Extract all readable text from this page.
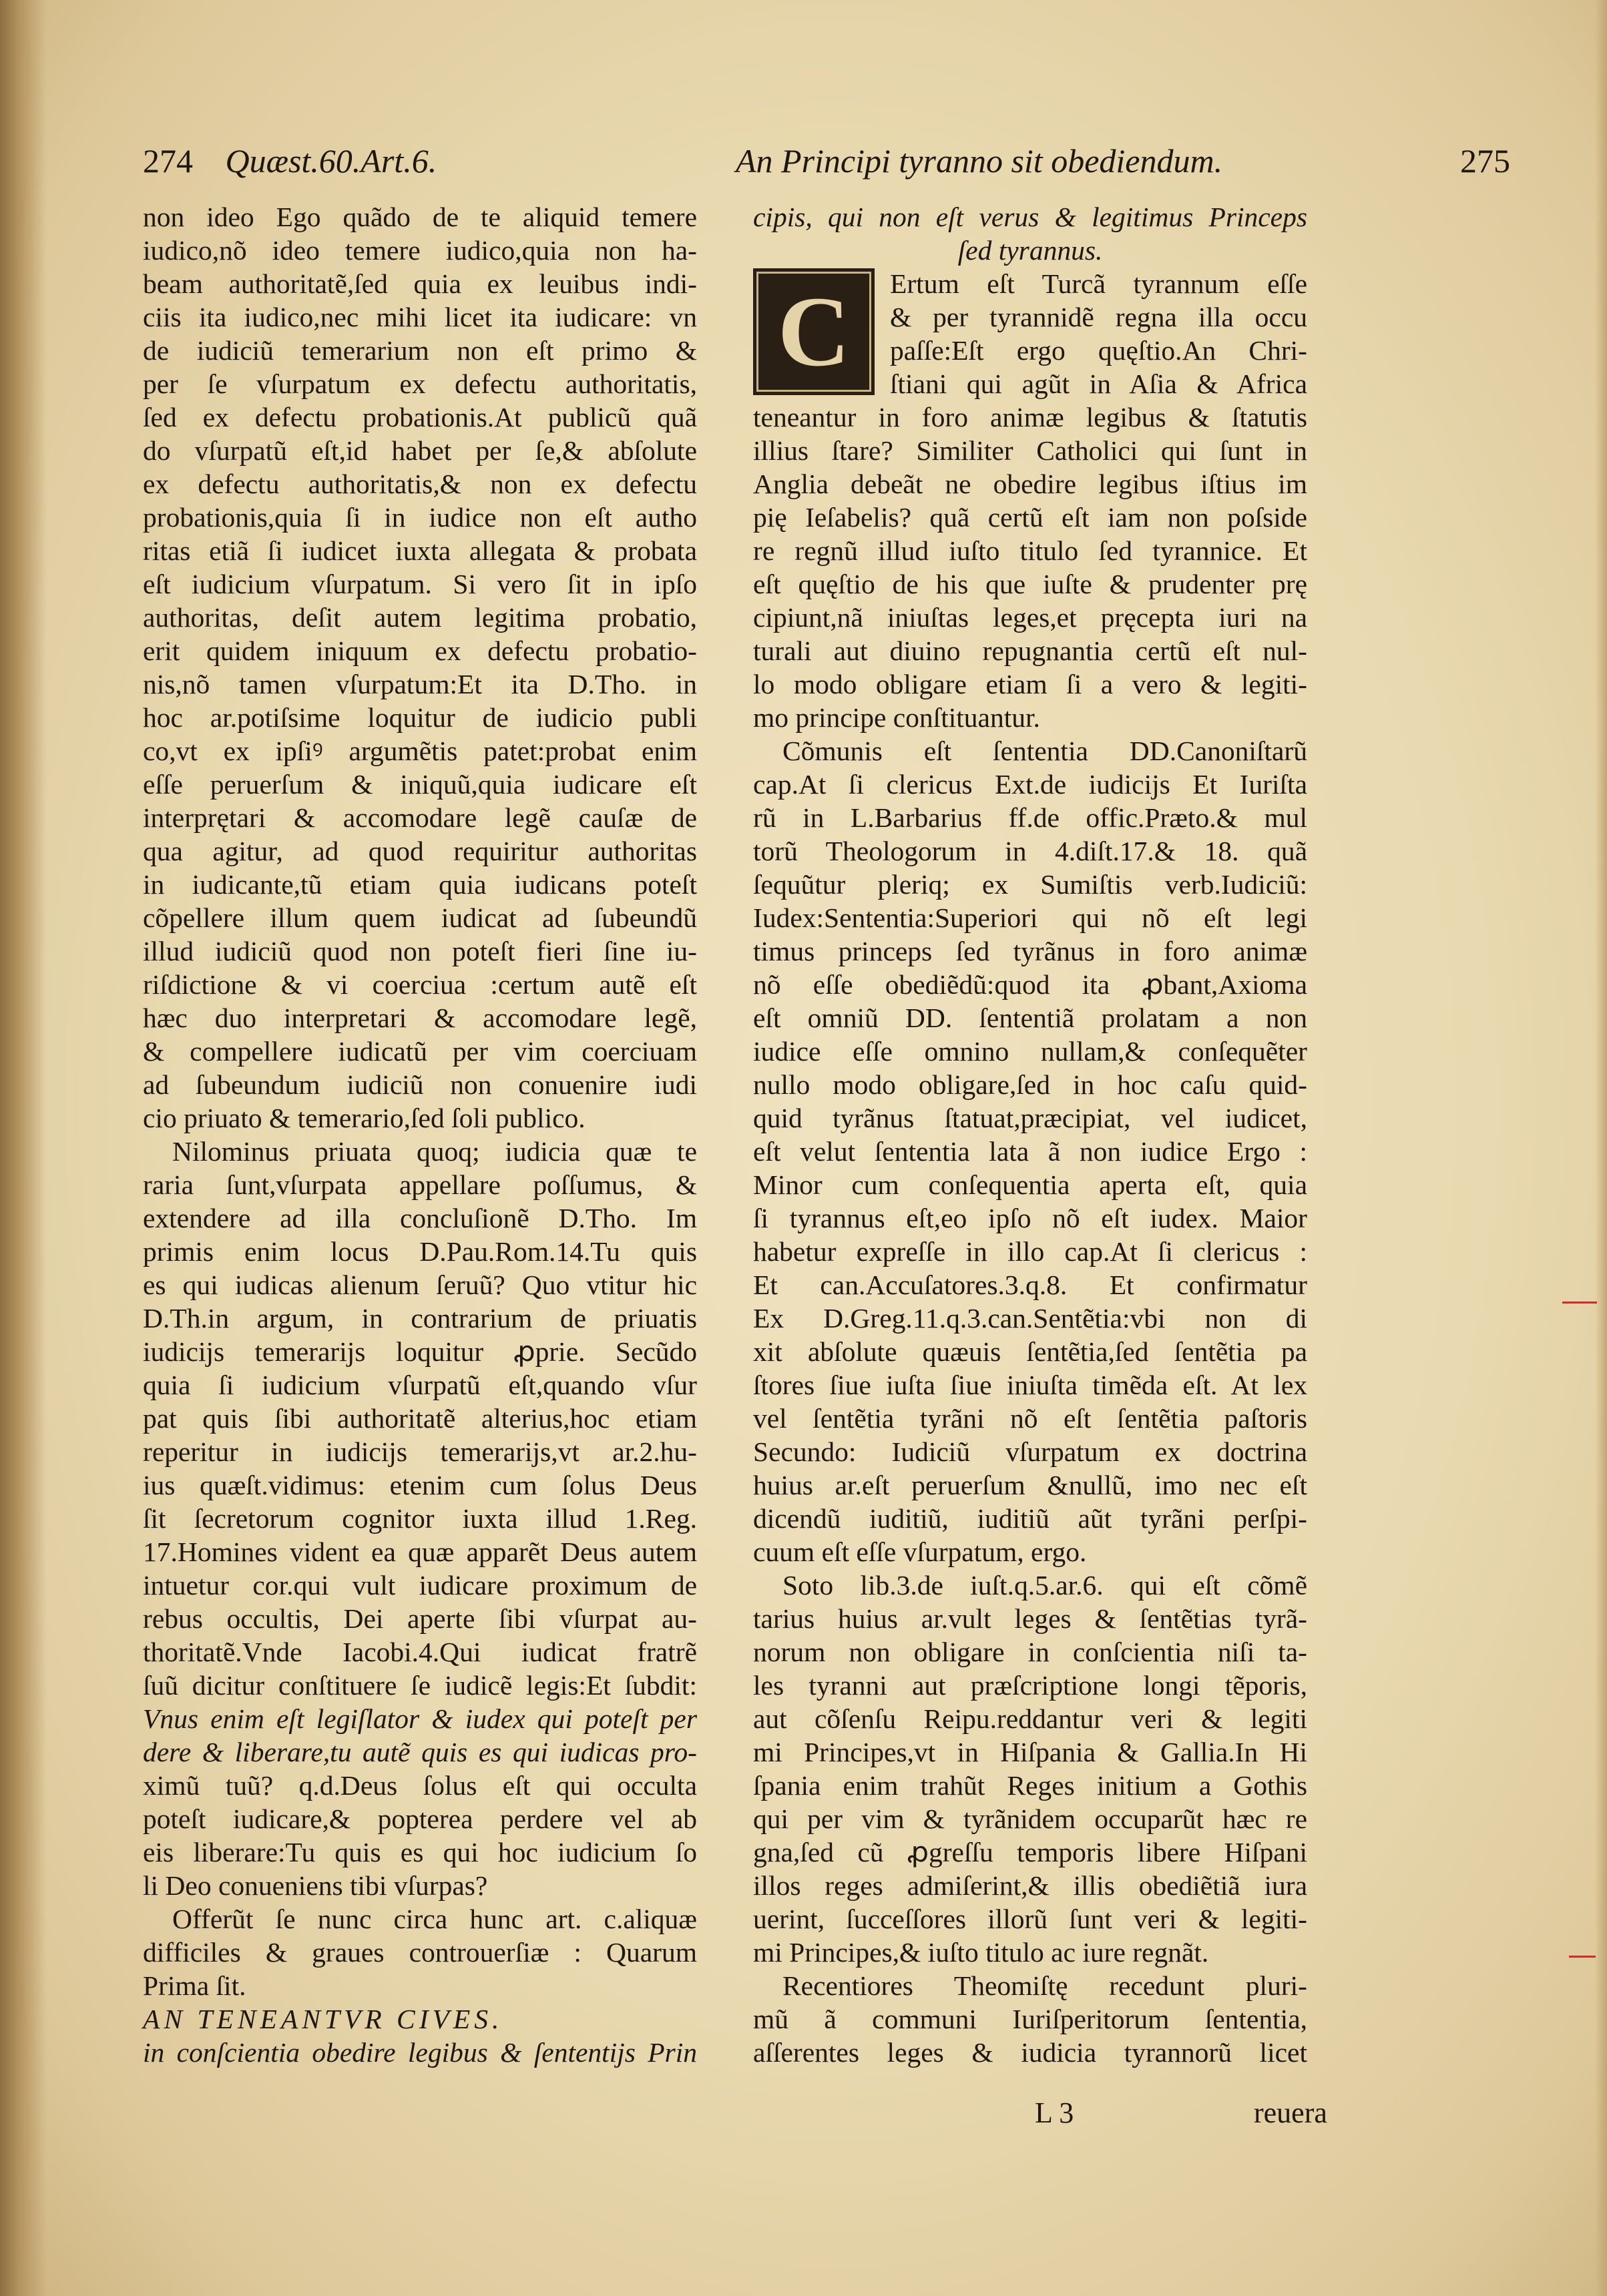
274 Quæst.60.Art.6.	An Principi tyranno sit obediendum.	275
non ideo Ego quãdo de te aliquid temere
iudico,nõ ideo temere iudico,quia non ha-
beam authoritatẽ,ſed quia ex leuibus indi-
ciis ita iudico,nec mihi licet ita iudicare: vn
de iudiciũ temerarium non eſt primo &
per ſe vſurpatum ex defectu authoritatis,
ſed ex defectu probationis.At publicũ quã
do vſurpatũ eſt,id habet per ſe,& abſolute
ex defectu authoritatis,& non ex defectu
probationis,quia ſi in iudice non eſt autho
ritas etiã ſi iudicet iuxta allegata & probata
eſt iudicium vſurpatum. Si vero ſit in ipſo
authoritas, deſit autem legitima probatio,
erit quidem iniquum ex defectu probatio-
nis,nõ tamen vſurpatum:Et ita D.Tho. in
hoc ar.potiſsime loquitur de iudicio publi
co,vt ex ipſiꝰ argumẽtis patet:probat enim
eſſe peruerſum & iniquũ,quia iudicare eſt
interprętari & accomodare legẽ cauſæ de
qua agitur, ad quod requiritur authoritas
in iudicante,tũ etiam quia iudicans poteſt
cõpellere illum quem iudicat ad ſubeundũ
illud iudiciũ quod non poteſt fieri ſine iu-
riſdictione & vi coerciua :certum autẽ eſt
hæc duo interpretari & accomodare legẽ,
& compellere iudicatũ per vim coerciuam
ad ſubeundum iudiciũ non conuenire iudi
cio priuato & temerario,ſed ſoli publico.
Nilominus priuata quoq; iudicia quæ te
raria ſunt,vſurpata appellare poſſumus, &
extendere ad illa concluſionẽ D.Tho. Im
primis enim locus D.Pau.Rom.14.Tu quis
es qui iudicas alienum ſeruũ? Quo vtitur hic
D.Th.in argum, in contrarium de priuatis
iudicijs temerarijs loquitur ꝓprie. Secũdo
quia ſi iudicium vſurpatũ eſt,quando vſur
pat quis ſibi authoritatẽ alterius,hoc etiam
reperitur in iudicijs temerarijs,vt ar.2.hu-
ius quæſt.vidimus: etenim cum ſolus Deus
ſit ſecretorum cognitor iuxta illud 1.Reg.
17.Homines vident ea quæ apparẽt Deus autem
intuetur cor.qui vult iudicare proximum de
rebus occultis, Dei aperte ſibi vſurpat au-
thoritatẽ.Vnde Iacobi.4.Qui iudicat fratrẽ
ſuũ dicitur conſtituere ſe iudicẽ legis:Et ſubdit:
Vnus enim eſt legiſlator & iudex qui poteſt per
dere & liberare,tu autẽ quis es qui iudicas pro-
ximũ tuũ? q.d.Deus ſolus eſt qui occulta
poteſt iudicare,& popterea perdere vel ab
eis liberare:Tu quis es qui hoc iudicium ſo
li Deo conueniens tibi vſurpas?
Offerũt ſe nunc circa hunc art. c.aliquæ
difficiles & graues controuerſiæ : Quarum
Prima ſit.
AN TENEANTVR CIVES.
in conſcientia obedire legibus & ſententijs Prin
cipis, qui non eſt verus & legitimus Princeps
ſed tyrannus.
Ertum eſt Turcã tyrannum eſſe
& per tyrannidẽ regna illa occu
paſſe:Eſt ergo quęſtio.An Chri-
ſtiani qui agũt in Aſia & Africa
teneantur in foro animæ legibus & ſtatutis
illius ſtare? Similiter Catholici qui ſunt in
Anglia debeãt ne obedire legibus iſtius im
pię Ieſabelis? quã certũ eſt iam non poſside
re regnũ illud iuſto titulo ſed tyrannice. Et
eſt quęſtio de his que iuſte & prudenter prę
cipiunt,nã iniuſtas leges,et pręcepta iuri na
turali aut diuino repugnantia certũ eſt nul-
lo modo obligare etiam ſi a vero & legiti-
mo principe conſtituantur.
Cõmunis eſt ſententia DD.Canoniſtarũ
cap.At ſi clericus Ext.de iudicijs Et Iuriſta
rũ in L.Barbarius ff.de offic.Præto.& mul
torũ Theologorum in 4.diſt.17.& 18. quã
ſequũtur pleriq; ex Sumiſtis verb.Iudiciũ:
Iudex:Sententia:Superiori qui nõ eſt legi
timus princeps ſed tyrãnus in foro animæ
nõ eſſe obediẽdũ:quod ita ꝓbant,Axioma
eſt omniũ DD. ſententiã prolatam a non
iudice eſſe omnino nullam,& conſequẽter
nullo modo obligare,ſed in hoc caſu quid-
quid tyrãnus ſtatuat,præcipiat, vel iudicet,
eſt velut ſententia lata ã non iudice Ergo :
Minor cum conſequentia aperta eſt, quia
ſi tyrannus eſt,eo ipſo nõ eſt iudex. Maior
habetur expreſſe in illo cap.At ſi clericus :
Et can.Accuſatores.3.q.8. Et confirmatur
Ex D.Greg.11.q.3.can.Sentẽtia:vbi non di
xit abſolute quæuis ſentẽtia,ſed ſentẽtia pa
ſtores ſiue iuſta ſiue iniuſta timẽda eſt. At lex
vel ſentẽtia tyrãni nõ eſt ſentẽtia paſtoris
Secundo: Iudiciũ vſurpatum ex doctrina
huius ar.eſt peruerſum &nullũ, imo nec eſt
dicendũ iuditiũ, iuditiũ aũt tyrãni perſpi-
cuum eſt eſſe vſurpatum, ergo.
Soto lib.3.de iuſt.q.5.ar.6. qui eſt cõmẽ
tarius huius ar.vult leges & ſentẽtias tyrã-
norum non obligare in conſcientia niſi ta-
les tyranni aut præſcriptione longi tẽporis,
aut cõſenſu Reipu.reddantur veri & legiti
mi Principes,vt in Hiſpania & Gallia.In Hi
ſpania enim trahũt Reges initium a Gothis
qui per vim & tyrãnidem occuparũt hæc re
gna,ſed cũ ꝓgreſſu temporis libere Hiſpani
illos reges admiſerint,& illis obediẽtiã iura
uerint, ſucceſſores illorũ ſunt veri & legiti-
mi Principes,& iuſto titulo ac iure regnãt.
Recentiores Theomiſtę recedunt pluri-
mũ ã communi Iuriſperitorum ſententia,
aſſerentes leges & iudicia tyrannorũ licet
C
L 3	reuera
